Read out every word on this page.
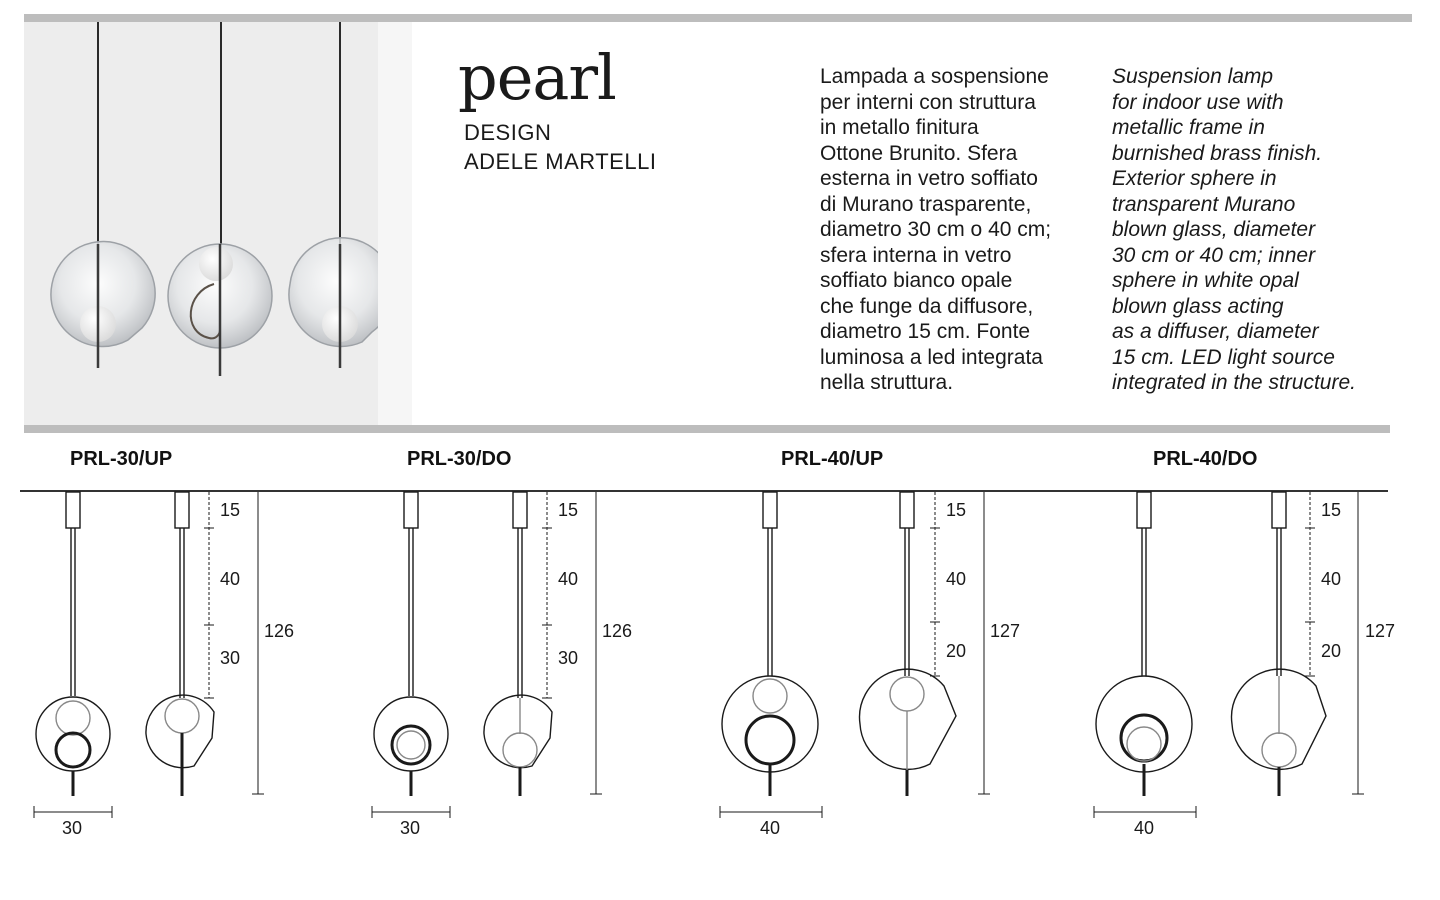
pearl
DESIGN
ADELE MARTELLI

Lampada a sospensione
per interni con struttura
in metallo finitura
Ottone Brunito. Sfera
esterna in vetro soffiato
di Murano trasparente,
diametro 30 cm o 40 cm;
sfera interna in vetro
soffiato bianco opale
che funge da diffusore,
diametro 15 cm. Fonte
luminosa a led integrata
nella struttura.

Suspension lamp
for indoor use with
metallic frame in
burnished brass finish.
Exterior sphere in
transparent Murano
blown glass, diameter
30 cm or 40 cm; inner
sphere in white opal
blown glass acting
as a diffuser, diameter
15 cm. LED light source
integrated in the structure.

PRL-30/UP	PRL-30/DO	PRL-40/UP	PRL-40/DO
15
40
30
126
30
15
40
30
126
30
15
40
20
127
40
15
40
20
127
40
